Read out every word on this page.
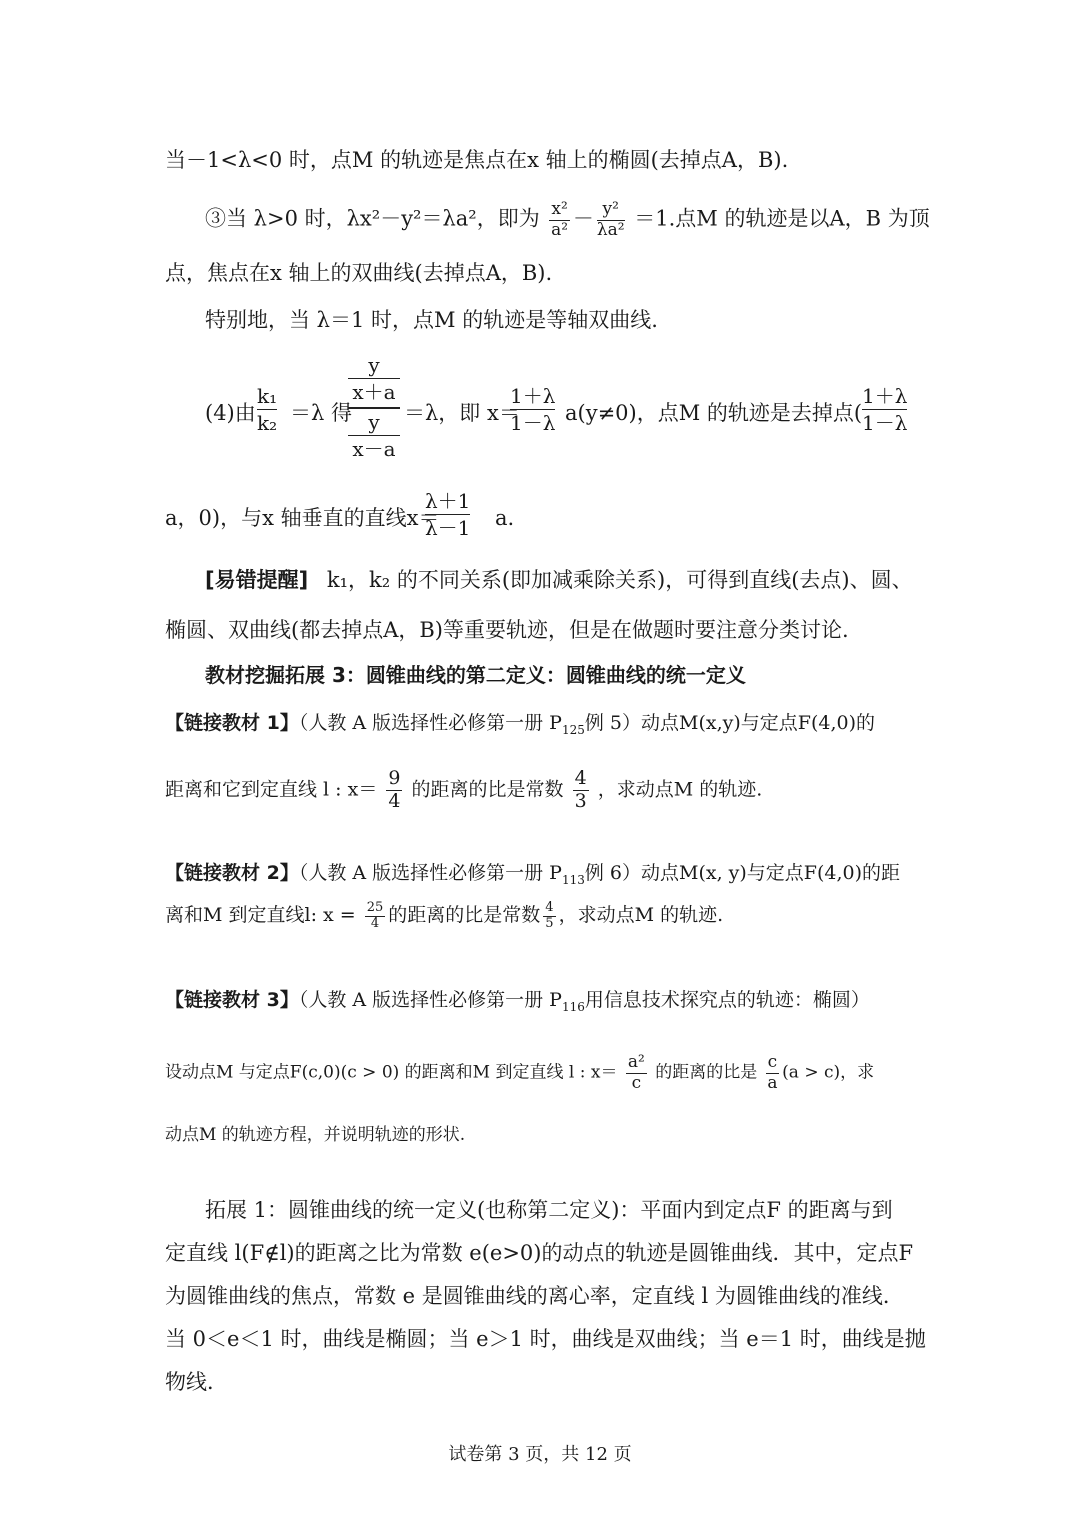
当－1<λ<0 时，点M 的轨迹是焦点在x 轴上的椭圆(去掉点A，B).
③当 λ>0 时，λx²－y²＝λa²，即为 $\frac{\text{x²}}{\text{a²}} - \frac{\text{y²}}{\text{λa²}} =1$.点M 的轨迹是以A，B 为顶
点，焦点在x 轴上的双曲线(去掉点A，B).
特别地，当 λ＝1 时，点M 的轨迹是等轴双曲线.
(4)由
k₁
k₂ ＝λ 得
y
x＋a
y
x－a
＝λ，即 x＝
1＋λ
1－λ a(y≠0)，点M 的轨迹是去掉点(
1＋λ
1－λ
a，0)，与x 轴垂直的直线x＝
λ＋1
λ－1 a.
[易错提醒] k₁，k₂ 的不同关系(即加减乘除关系)，可得到直线(去点)、圆、
椭圆、双曲线(都去掉点A，B)等重要轨迹，但是在做题时要注意分类讨论.
教材挖掘拓展 3：圆锥曲线的第二定义：圆锥曲线的统一定义
【链接教材 1】（人教 A 版选择性必修第一册 $P_{125}$例 5）动点M(x,y)与定点F(4,0)的
距离和它到定直线 l : $x= \frac{9}{4}$ 的距离的比是常数 $\frac{4}{3}$ ，求动点M 的轨迹.
【链接教材 2】（人教 A 版选择性必修第一册 $P_{113}$例 6）动点M(x, y)与定点F(4,0)的距
离和M 到定直线l: $x = \frac{25}{4}$ 的距离的比是常数 $\frac{4}{5}$ ，求动点M 的轨迹.
【链接教材 3】（人教 A 版选择性必修第一册 $P_{116}$用信息技术探究点的轨迹：椭圆）
设动点M 与定点F(c,0)(c > 0) 的距离和M 到定直线 l : $x= \frac{\text{a²}}{c}$ 的距离的比是 $\frac{c}{a} (a > c)$，求
动点M 的轨迹方程，并说明轨迹的形状.
拓展 1：圆锥曲线的统一定义(也称第二定义)：平面内到定点F 的距离与到
定直线 l(F∉l)的距离之比为常数 e(e>0)的动点的轨迹是圆锥曲线．其中，定点F
为圆锥曲线的焦点，常数 e 是圆锥曲线的离心率，定直线 l 为圆锥曲线的准线．
当 0＜e＜1 时，曲线是椭圆；当 e＞1 时，曲线是双曲线；当 e＝1 时，曲线是抛
物线．
试卷第 3 页，共 12 页
